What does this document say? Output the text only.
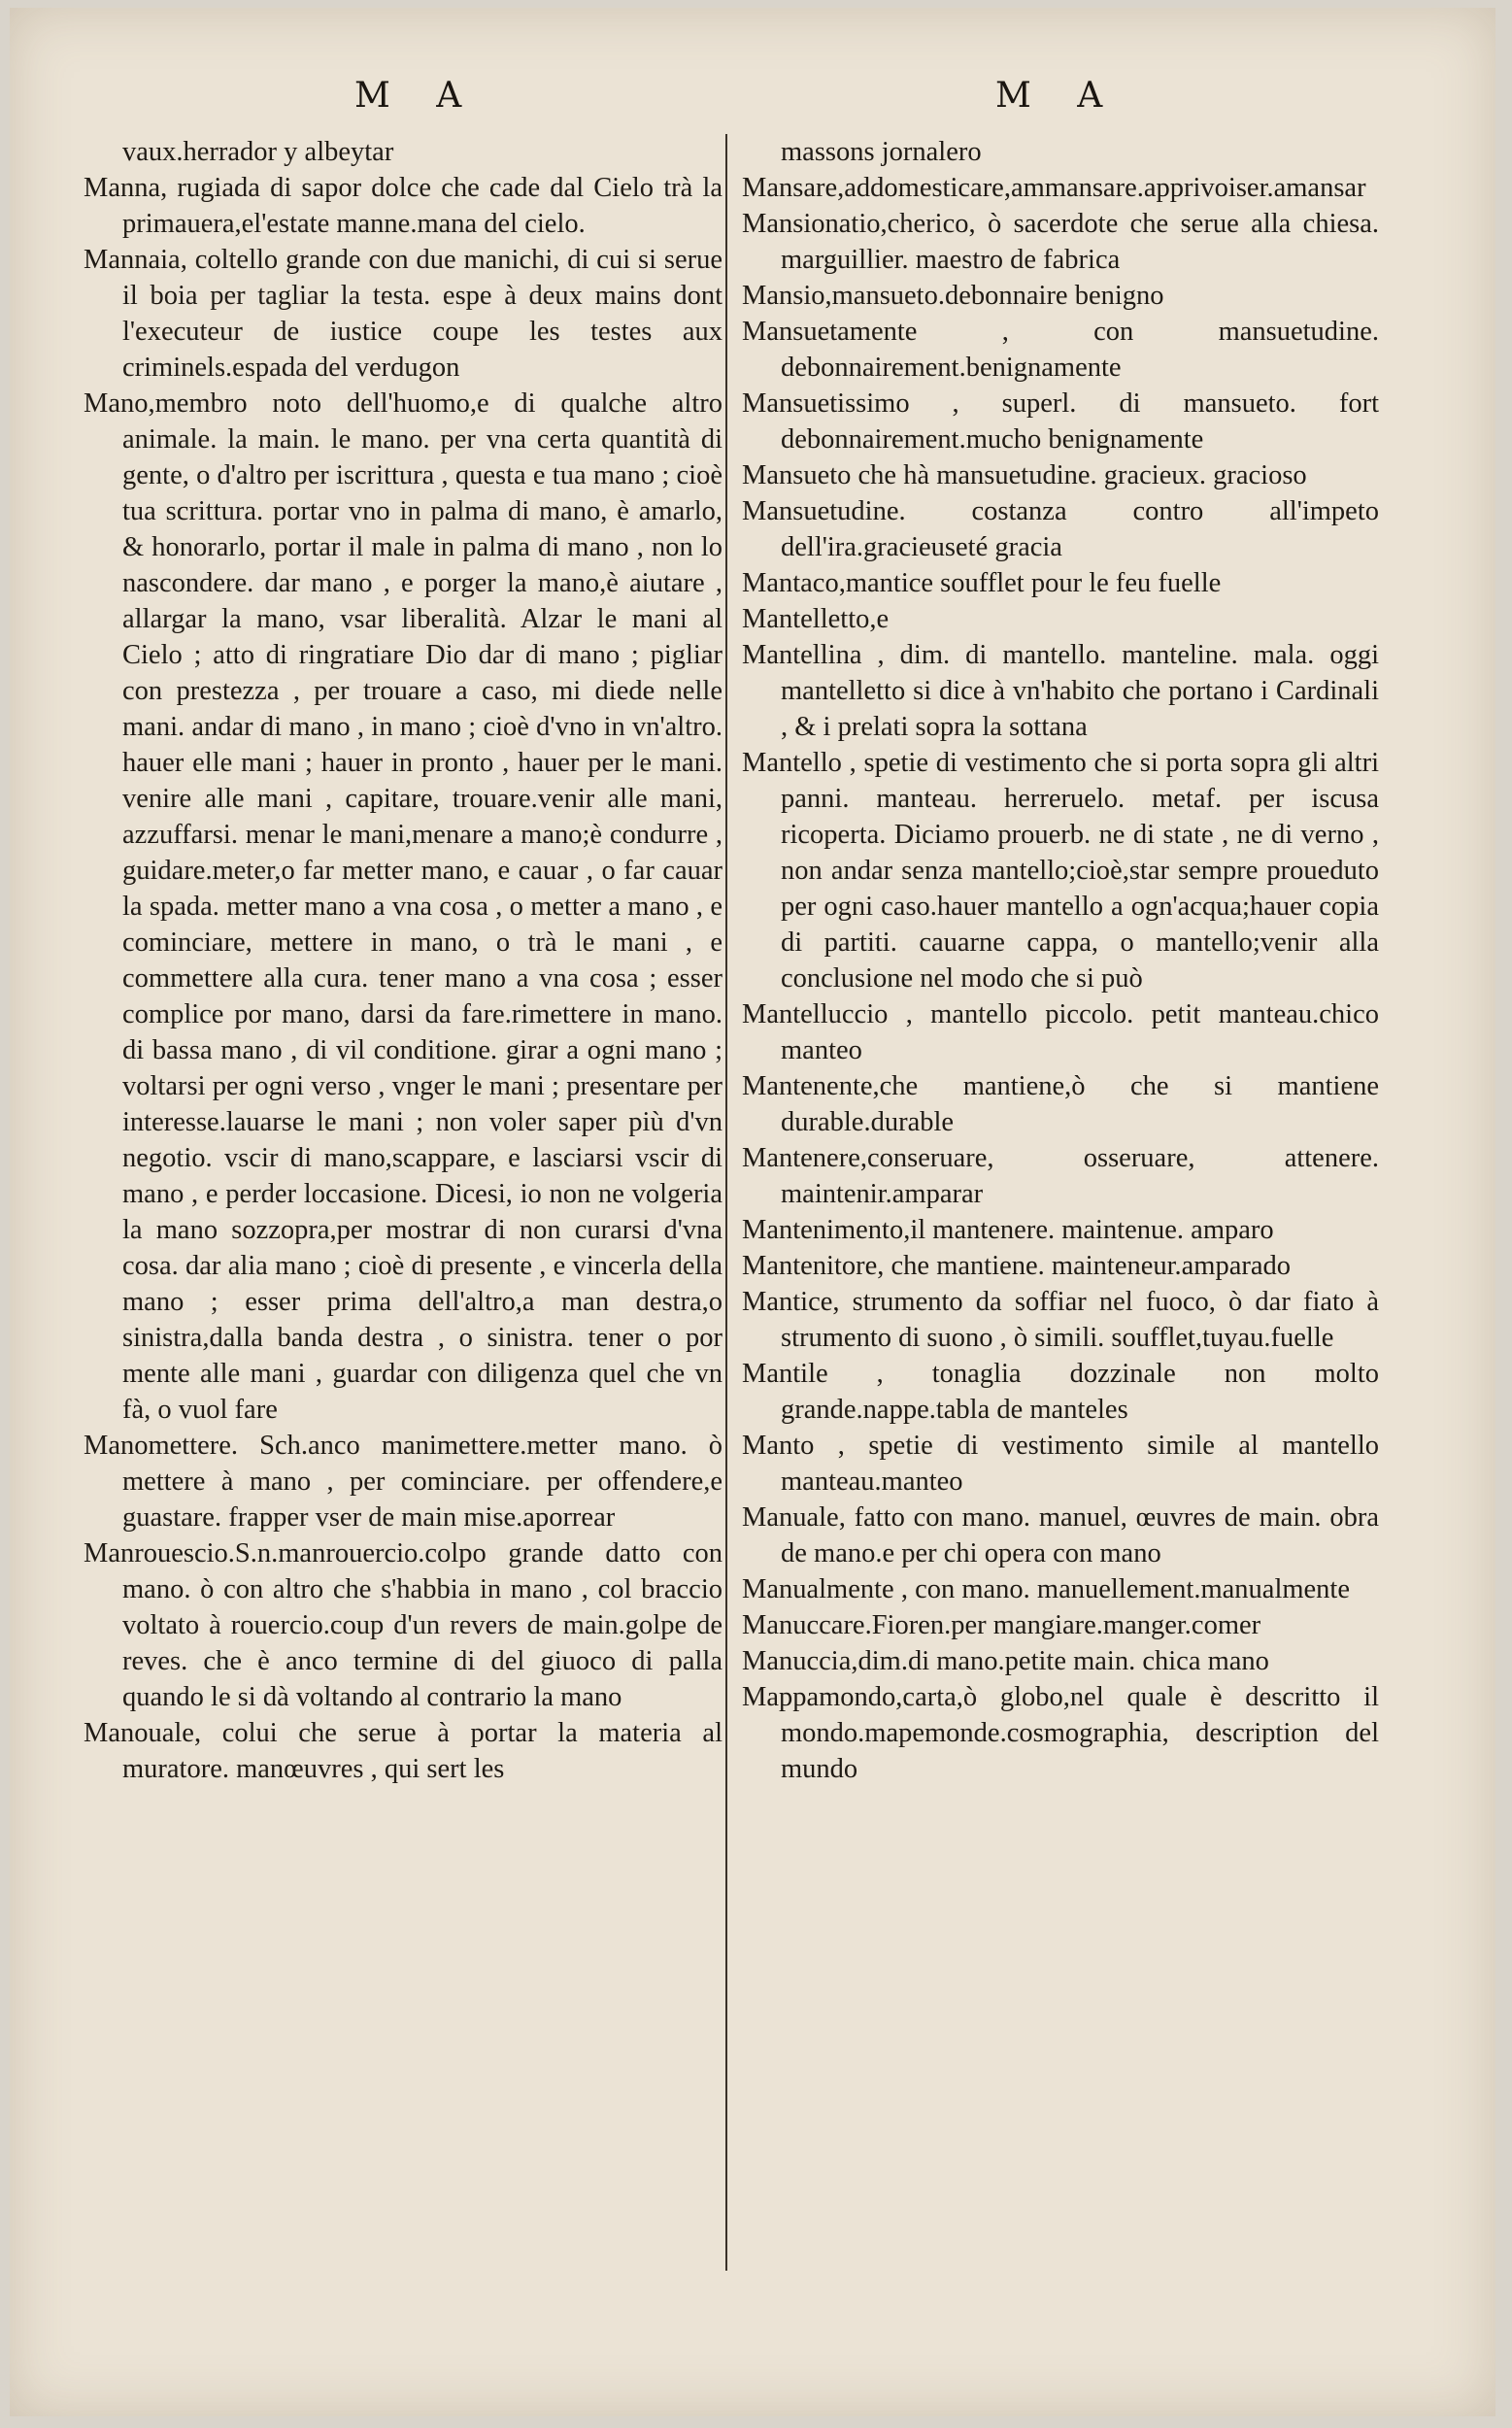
M A	M A

vaux.herrador y albeytar

Manna, rugiada di sapor dolce che cade dal Cielo trà la primauera,el'estate manne.mana del cielo.

Mannaia, coltello grande con due manichi, di cui si serue il boia per tagliar la testa. espe à deux mains dont l'executeur de iustice coupe les testes aux criminels.espada del verdugon

Mano,membro noto dell'huomo,e di qualche altro animale. la main. le mano. per vna certa quantità di gente, o d'altro per iscrittura , questa e tua mano ; cioè tua scrittura. portar vno in palma di mano, è amarlo, & honorarlo, portar il male in palma di mano , non lo nascondere. dar mano , e porger la mano,è aiutare , allargar la mano, vsar liberalità. Alzar le mani al Cielo ; atto di ringratiare Dio dar di mano ; pigliar con prestezza , per trouare a caso, mi diede nelle mani. andar di mano , in mano ; cioè d'vno in vn'altro. hauer elle mani ; hauer in pronto , hauer per le mani. venire alle mani , capitare, trouare.venir alle mani, azzuffarsi. menar le mani,menare a mano;è condurre , guidare.meter,o far metter mano, e cauar , o far cauar la spada. metter mano a vna cosa , o metter a mano , e cominciare, mettere in mano, o trà le mani , e commettere alla cura. tener mano a vna cosa ; esser complice por mano, darsi da fare.rimettere in mano. di bassa mano , di vil conditione. girar a ogni mano ; voltarsi per ogni verso , vnger le mani ; presentare per interesse.lauarse le mani ; non voler saper più d'vn negotio. vscir di mano,scappare, e lasciarsi vscir di mano , e perder loccasione. Dicesi, io non ne volgeria la mano sozzopra,per mostrar di non curarsi d'vna cosa. dar alia mano ; cioè di presente , e vincerla della mano ; esser prima dell'altro,a man destra,o sinistra,dalla banda destra , o sinistra. tener o por mente alle mani , guardar con diligenza quel che vn fà, o vuol fare

Manomettere. Sch.anco manimettere.metter mano. ò mettere à mano , per cominciare. per offendere,e guastare. frapper vser de main mise.aporrear

Manrouescio.S.n.manrouercio.colpo grande datto con mano. ò con altro che s'habbia in mano , col braccio voltato à rouercio.coup d'un revers de main.golpe de reves. che è anco termine di del giuoco di palla quando le si dà voltando al contrario la mano

Manouale, colui che serue à portar la materia al muratore. manœuvres , qui sert les

massons jornalero

Mansare,addomesticare,ammansare.apprivoiser.amansar

Mansionatio,cherico, ò sacerdote che serue alla chiesa. marguillier. maestro de fabrica

Mansio,mansueto.debonnaire benigno

Mansuetamente , con mansuetudine. debonnairement.benignamente

Mansuetissimo , superl. di mansueto. fort debonnairement.mucho benignamente

Mansueto che hà mansuetudine. gracieux. gracioso

Mansuetudine. costanza contro all'impeto dell'ira.gracieuseté gracia

Mantaco,mantice soufflet pour le feu fuelle

Mantelletto,e

Mantellina , dim. di mantello. manteline. mala. oggi mantelletto si dice à vn'habito che portano i Cardinali , & i prelati sopra la sottana

Mantello , spetie di vestimento che si porta sopra gli altri panni. manteau. herreruelo. metaf. per iscusa ricoperta. Diciamo prouerb. ne di state , ne di verno , non andar senza mantello;cioè,star sempre proueduto per ogni caso.hauer mantello a ogn'acqua;hauer copia di partiti. cauarne cappa, o mantello;venir alla conclusione nel modo che si può

Mantelluccio , mantello piccolo. petit manteau.chico manteo

Mantenente,che mantiene,ò che si mantiene durable.durable

Mantenere,conseruare, osseruare, attenere. maintenir.amparar

Mantenimento,il mantenere. maintenue. amparo

Mantenitore, che mantiene. mainteneur.amparado

Mantice, strumento da soffiar nel fuoco, ò dar fiato à strumento di suono , ò simili. soufflet,tuyau.fuelle

Mantile , tonaglia dozzinale non molto grande.nappe.tabla de manteles

Manto , spetie di vestimento simile al mantello manteau.manteo

Manuale, fatto con mano. manuel, œuvres de main. obra de mano.e per chi opera con mano

Manualmente , con mano. manuellement.manualmente

Manuccare.Fioren.per mangiare.manger.comer

Manuccia,dim.di mano.petite main. chica mano

Mappamondo,carta,ò globo,nel quale è descritto il mondo.mapemonde.cosmographia, description del mundo
